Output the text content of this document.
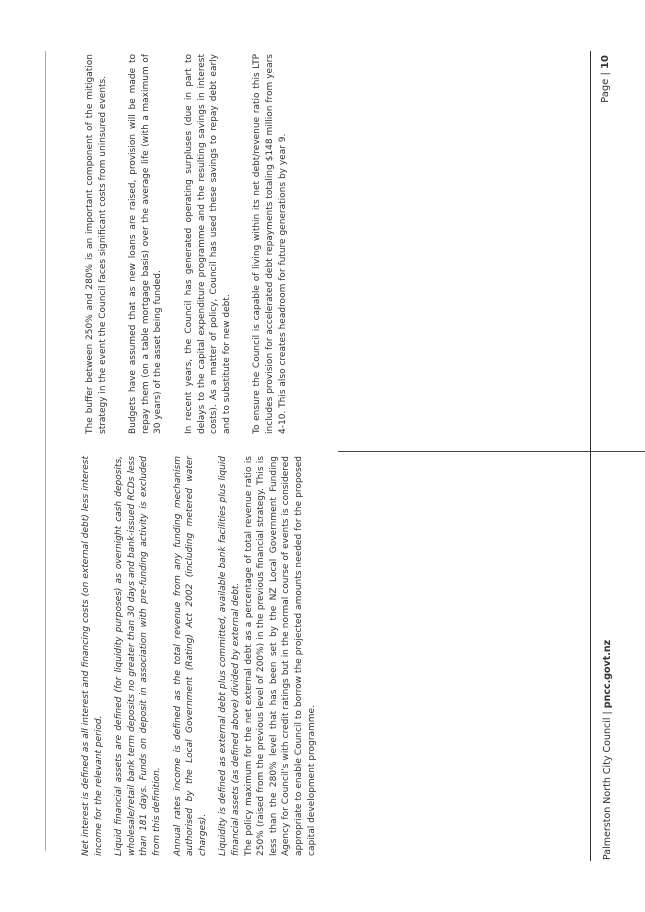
Net interest is defined as all interest and financing costs (on external debt) less interest income for the relevant period. Liquid financial assets are defined (for liquidity purposes) as overnight cash deposits, wholesale/retail bank term deposits no greater than 30 days and bank-issued RCDs less than 181 days. Funds on deposit in association with pre-funding activity is excluded from this definition. Annual rates income is defined as the total revenue from any funding mechanism authorised by the Local Government (Rating) Act 2002 (including metered water charges). Liquidity is defined as external debt plus committed, available bank facilities plus liquid financial assets (as defined above) divided by external debt. The policy maximum for the net external debt as a percentage of total revenue ratio is 250% (raised from the previous level of 200%) in the previous financial strategy. This is less than the 280% level that has been set by the NZ Local Government Funding Agency for Council’s with credit ratings but in the normal course of events is considered appropriate to enable Council to borrow the projected amounts needed for the proposed capital development programme.

The buffer between 250% and 280% is an important component of the mitigation strategy in the event the Council faces significant costs from uninsured events. Budgets have assumed that as new loans are raised, provision will be made to repay them (on a table mortgage basis) over the average life (with a maximum of 30 years) of the asset being funded. In recent years, the Council has generated operating surpluses (due in part to delays to the capital expenditure programme and the resulting savings in interest costs). As a matter of policy, Council has used these savings to repay debt early and to substitute for new debt. To ensure the Council is capable of living within its net debt/revenue ratio this LTP includes provision for accelerated debt repayments totaling $148 million from years 4-10. This also creates headroom for future generations by year 9.

Palmerston North City Council | pncc.govt.nz
Page | 10
